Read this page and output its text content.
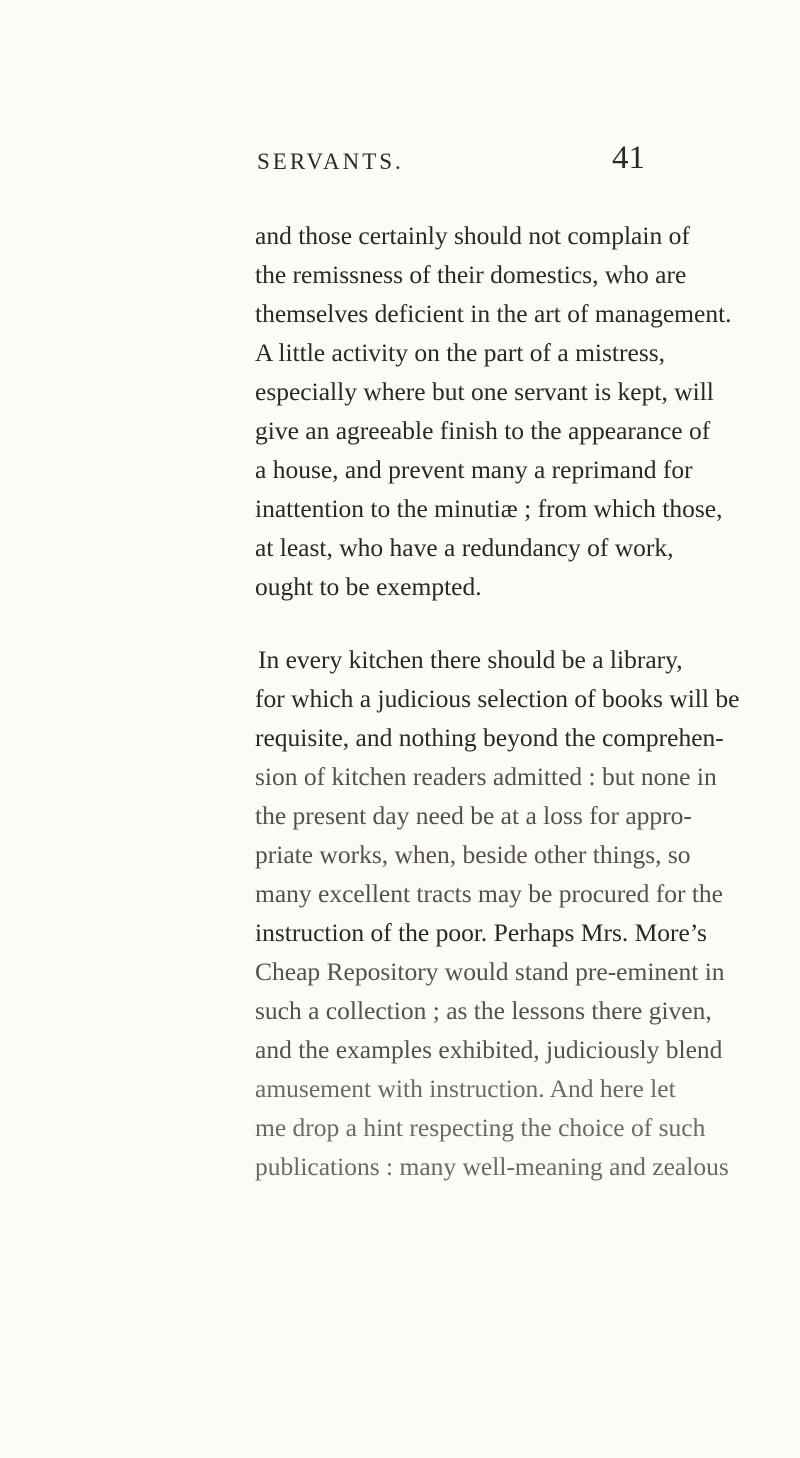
SERVANTS.	41
and those certainly should not complain of
the remissness of their domestics, who are
themselves deficient in the art of management.
A little activity on the part of a mistress,
especially where but one servant is kept, will
give an agreeable finish to the appearance of
a house, and prevent many a reprimand for
inattention to the minutiæ ; from which those,
at least, who have a redundancy of work,
ought to be exempted.
In every kitchen there should be a library,
for which a judicious selection of books will be
requisite, and nothing beyond the comprehen-
sion of kitchen readers admitted : but none in
the present day need be at a loss for appro-
priate works, when, beside other things, so
many excellent tracts may be procured for the
instruction of the poor. Perhaps Mrs. More’s
Cheap Repository would stand pre-eminent in
such a collection ; as the lessons there given,
and the examples exhibited, judiciously blend
amusement with instruction. And here let
me drop a hint respecting the choice of such
publications : many well-meaning and zealous
